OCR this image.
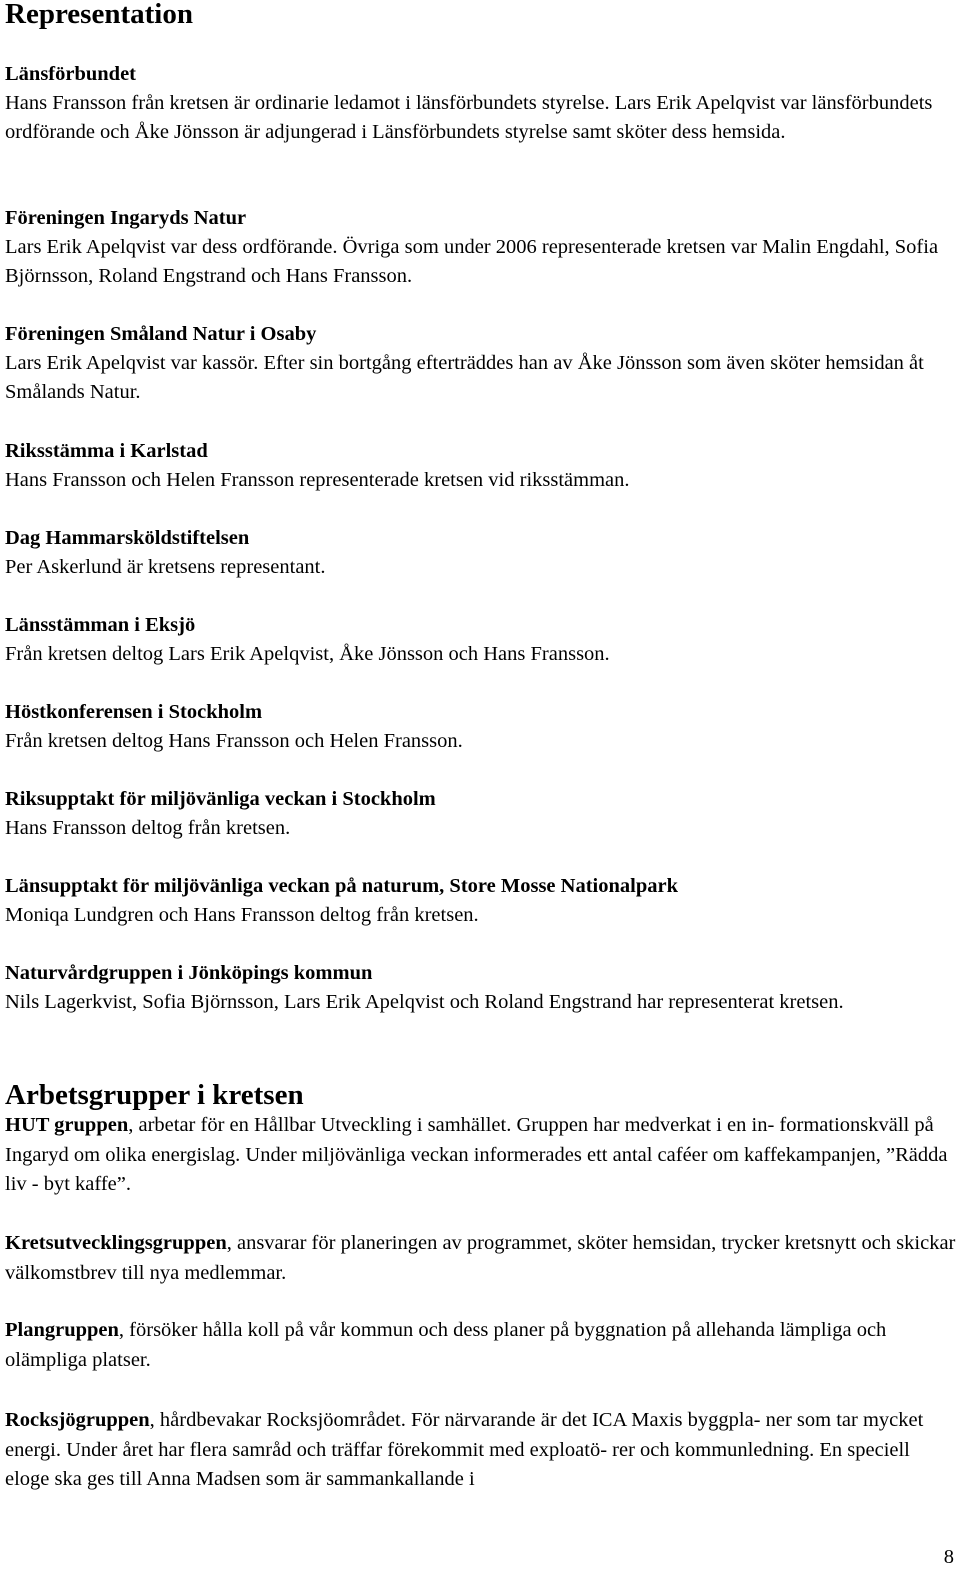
Representation
Länsförbundet
Hans Fransson från kretsen är ordinarie ledamot i länsförbundets styrelse. Lars Erik Apelqvist var länsförbundets ordförande och Åke Jönsson är adjungerad i Länsförbundets styrelse samt sköter dess hemsida.
Föreningen Ingaryds Natur
Lars Erik Apelqvist var dess ordförande. Övriga som under 2006 representerade kretsen var Malin Engdahl, Sofia Björnsson, Roland Engstrand och Hans Fransson.
Föreningen Småland Natur i Osaby
Lars Erik Apelqvist var kassör. Efter sin bortgång efterträddes han av Åke Jönsson som även sköter hemsidan åt Smålands Natur.
Riksstämma i Karlstad
Hans Fransson och Helen Fransson representerade kretsen vid riksstämman.
Dag Hammarsköldstiftelsen
Per Askerlund är kretsens representant.
Länsstämman i Eksjö
Från kretsen deltog Lars Erik Apelqvist, Åke Jönsson och Hans Fransson.
Höstkonferensen i Stockholm
Från kretsen deltog Hans Fransson och Helen Fransson.
Riksupptakt för miljövänliga veckan i Stockholm
Hans Fransson deltog från kretsen.
Länsupptakt för miljövänliga veckan på naturum, Store Mosse Nationalpark
Moniqa Lundgren och Hans Fransson deltog från kretsen.
Naturvårdgruppen i Jönköpings kommun
Nils Lagerkvist, Sofia Björnsson, Lars Erik Apelqvist och Roland Engstrand har representerat kretsen.
Arbetsgrupper i kretsen
HUT gruppen, arbetar för en Hållbar Utveckling i samhället. Gruppen har medverkat i en in- formationskväll på Ingaryd om olika energislag. Under miljövänliga veckan informerades ett antal caféer om kaffekampanjen, ”Rädda liv - byt kaffe”.
Kretsutvecklingsgruppen, ansvarar för planeringen av programmet, sköter hemsidan, trycker kretsnytt och skickar välkomstbrev till nya medlemmar.
Plangruppen, försöker hålla koll på vår kommun och dess planer på byggnation på allehanda lämpliga och olämpliga platser.
Rocksjögruppen, hårdbevakar Rocksjöområdet. För närvarande är det ICA Maxis byggpla- ner som tar mycket energi. Under året har flera samråd och träffar förekommit med exploatö- rer och kommunledning. En speciell eloge ska ges till Anna Madsen som är sammankallande i
8
